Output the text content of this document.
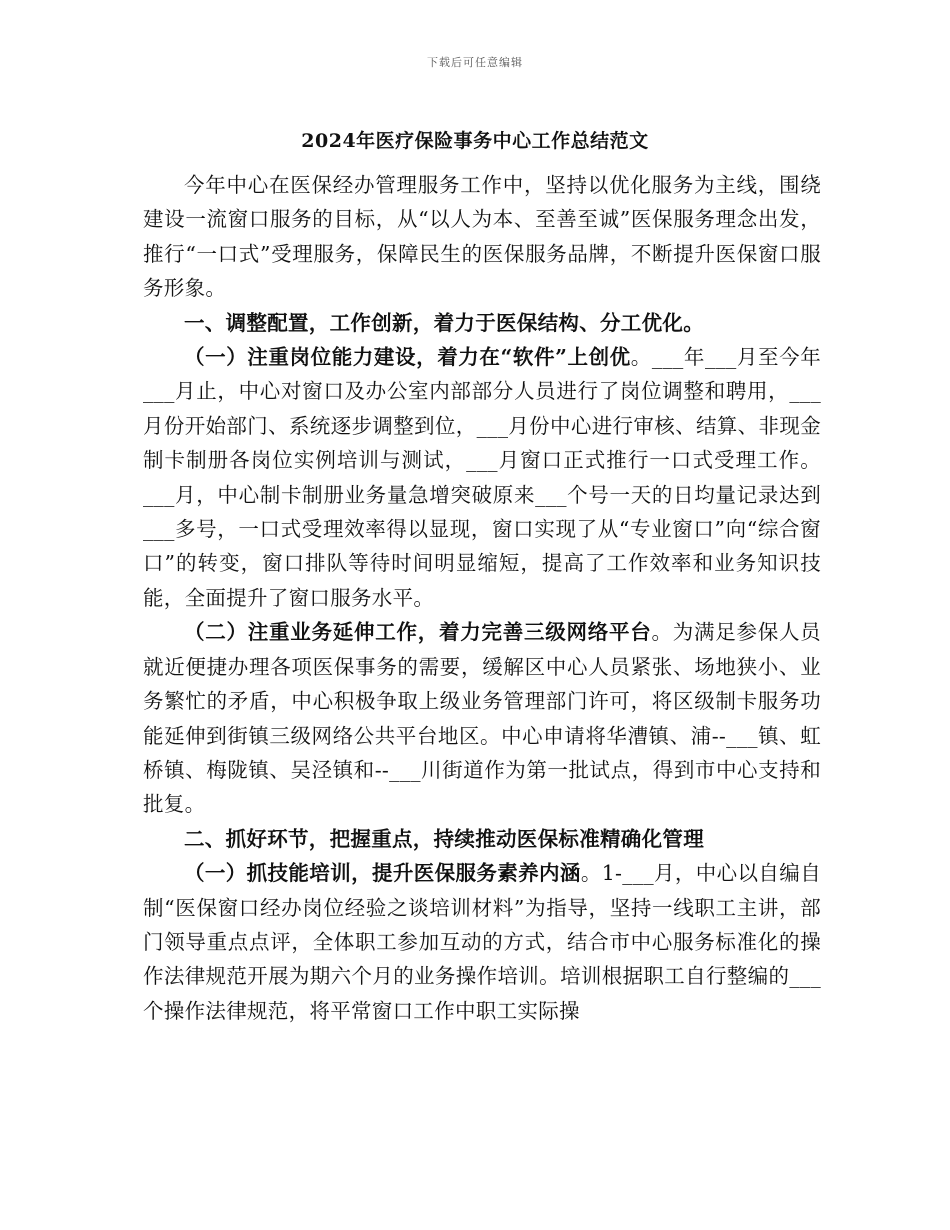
下载后可任意编辑
2024年医疗保险事务中心工作总结范文

今年中心在医保经办管理服务工作中，坚持以优化服务为主线，围绕建设一流窗口服务的目标，从“以人为本、至善至诚”医保服务理念出发，推行“一口式”受理服务，保障民生的医保服务品牌，不断提升医保窗口服务形象。

一、调整配置，工作创新，着力于医保结构、分工优化。

（一）注重岗位能力建设，着力在“软件”上创优。___年___月至今年___月止，中心对窗口及办公室内部部分人员进行了岗位调整和聘用，___月份开始部门、系统逐步调整到位，___月份中心进行审核、结算、非现金制卡制册各岗位实例培训与测试，___月窗口正式推行一口式受理工作。___月，中心制卡制册业务量急增突破原来___个号一天的日均量记录达到___多号，一口式受理效率得以显现，窗口实现了从“专业窗口”向“综合窗口”的转变，窗口排队等待时间明显缩短，提高了工作效率和业务知识技能，全面提升了窗口服务水平。

（二）注重业务延伸工作，着力完善三级网络平台。为满足参保人员就近便捷办理各项医保事务的需要，缓解区中心人员紧张、场地狭小、业务繁忙的矛盾，中心积极争取上级业务管理部门许可，将区级制卡服务功能延伸到街镇三级网络公共平台地区。中心申请将华漕镇、浦--___镇、虹桥镇、梅陇镇、吴泾镇和--___川街道作为第一批试点，得到市中心支持和批复。

二、抓好环节，把握重点，持续推动医保标准精确化管理

（一）抓技能培训，提升医保服务素养内涵。1-___月，中心以自编自制“医保窗口经办岗位经验之谈培训材料”为指导，坚持一线职工主讲，部门领导重点点评，全体职工参加互动的方式，结合市中心服务标准化的操作法律规范开展为期六个月的业务操作培训。培训根据职工自行整编的___个操作法律规范，将平常窗口工作中职工实际操
